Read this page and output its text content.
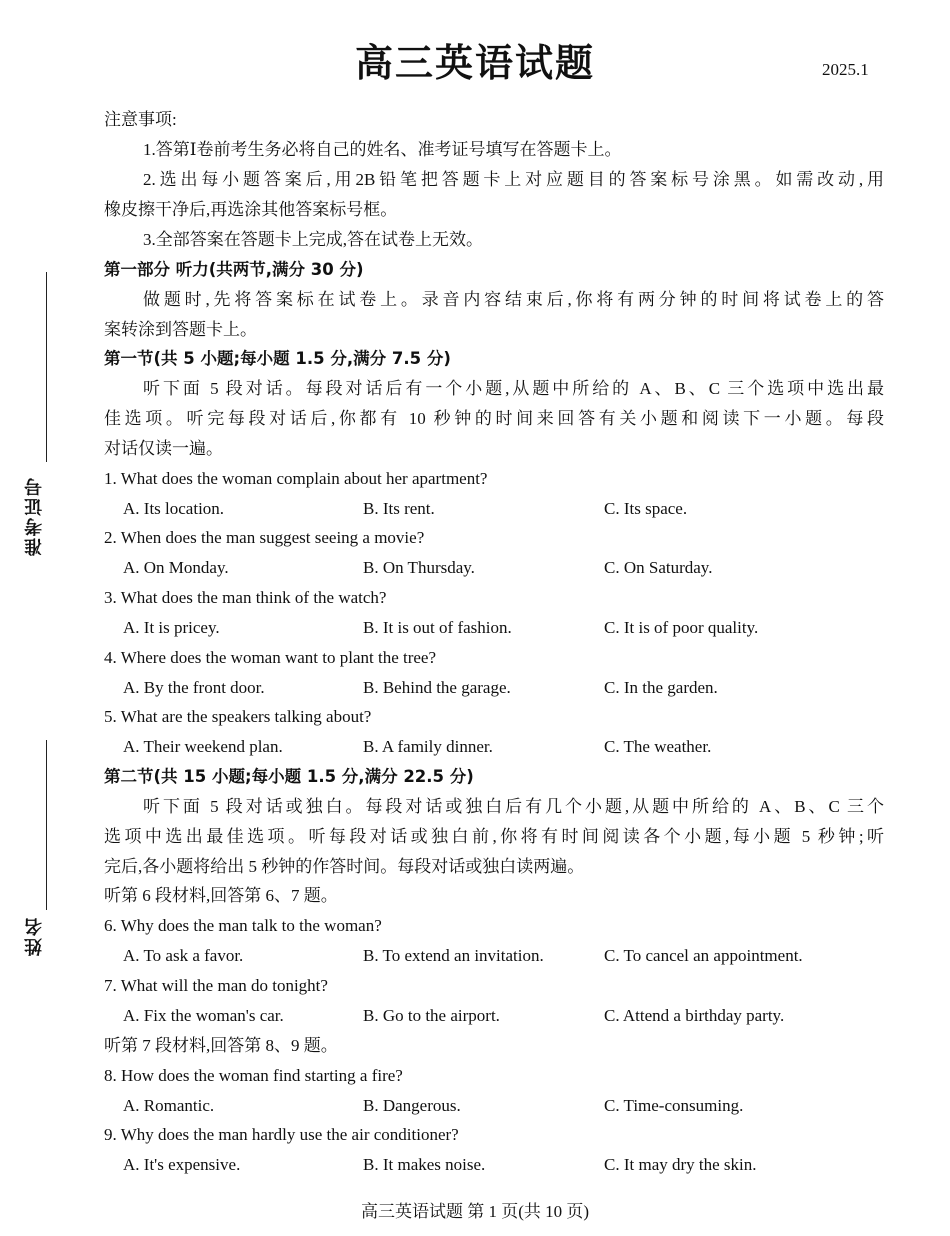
高三英语试题	2025.1
准考证号
姓名
注意事项:
1.答第Ⅰ卷前考生务必将自己的姓名、准考证号填写在答题卡上。
2.选出每小题答案后,用2B铅笔把答题卡上对应题目的答案标号涂黑。如需改动,用
橡皮擦干净后,再选涂其他答案标号框。
3.全部答案在答题卡上完成,答在试卷上无效。
第一部分 听力(共两节,满分 30 分)
做题时,先将答案标在试卷上。录音内容结束后,你将有两分钟的时间将试卷上的答
案转涂到答题卡上。
第一节(共 5 小题;每小题 1.5 分,满分 7.5 分)
听下面 5 段对话。每段对话后有一个小题,从题中所给的 A、B、C 三个选项中选出最
佳选项。听完每段对话后,你都有 10 秒钟的时间来回答有关小题和阅读下一小题。每段
对话仅读一遍。
1. What does the woman complain about her apartment?
A. Its location.	B. Its rent.	C. Its space.
2. When does the man suggest seeing a movie?
A. On Monday.	B. On Thursday.	C. On Saturday.
3. What does the man think of the watch?
A. It is pricey.	B. It is out of fashion.	C. It is of poor quality.
4. Where does the woman want to plant the tree?
A. By the front door.	B. Behind the garage.	C. In the garden.
5. What are the speakers talking about?
A. Their weekend plan.	B. A family dinner.	C. The weather.
第二节(共 15 小题;每小题 1.5 分,满分 22.5 分)
听下面 5 段对话或独白。每段对话或独白后有几个小题,从题中所给的 A、B、C 三个
选项中选出最佳选项。听每段对话或独白前,你将有时间阅读各个小题,每小题 5 秒钟;听
完后,各小题将给出 5 秒钟的作答时间。每段对话或独白读两遍。
听第 6 段材料,回答第 6、7 题。
6. Why does the man talk to the woman?
A. To ask a favor.	B. To extend an invitation.	C. To cancel an appointment.
7. What will the man do tonight?
A. Fix the woman's car.	B. Go to the airport.	C. Attend a birthday party.
听第 7 段材料,回答第 8、9 题。
8. How does the woman find starting a fire?
A. Romantic.	B. Dangerous.	C. Time-consuming.
9. Why does the man hardly use the air conditioner?
A. It's expensive.	B. It makes noise.	C. It may dry the skin.
高三英语试题 第 1 页(共 10 页)
